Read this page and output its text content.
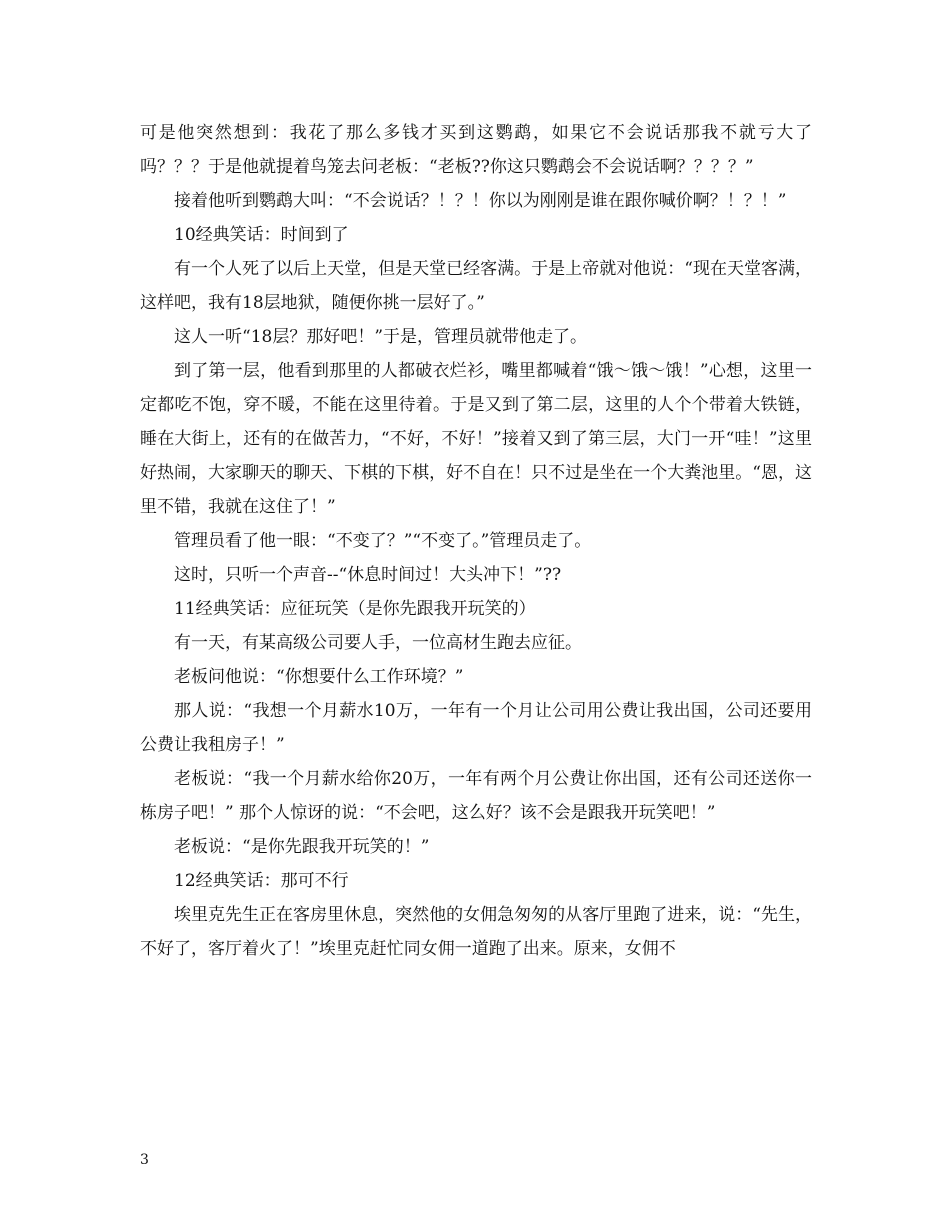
可是他突然想到：我花了那么多钱才买到这鹦鹉，如果它不会说话那我不就亏大了吗？？？于是他就提着鸟笼去问老板：“老板??你这只鹦鹉会不会说话啊？？？？”

接着他听到鹦鹉大叫：“不会说话？！？！你以为刚刚是谁在跟你喊价啊？！？！”

10经典笑话：时间到了

有一个人死了以后上天堂，但是天堂已经客满。于是上帝就对他说：“现在天堂客满，这样吧，我有18层地狱，随便你挑一层好了。”

这人一听“18层？那好吧！”于是，管理员就带他走了。

到了第一层，他看到那里的人都破衣烂衫，嘴里都喊着“饿～饿～饿！”心想，这里一定都吃不饱，穿不暖，不能在这里待着。于是又到了第二层，这里的人个个带着大铁链，睡在大街上，还有的在做苦力，“不好，不好！”接着又到了第三层，大门一开“哇！”这里好热闹，大家聊天的聊天、下棋的下棋，好不自在！只不过是坐在一个大粪池里。“恩，这里不错，我就在这住了！”

管理员看了他一眼：“不变了？”“不变了。”管理员走了。

这时，只听一个声音--“休息时间过！大头冲下！”??

11经典笑话：应征玩笑（是你先跟我开玩笑的）

有一天，有某高级公司要人手，一位高材生跑去应征。

老板问他说：“你想要什么工作环境？”

那人说：“我想一个月薪水10万，一年有一个月让公司用公费让我出国，公司还要用公费让我租房子！”

老板说：“我一个月薪水给你20万，一年有两个月公费让你出国，还有公司还送你一栋房子吧！” 那个人惊讶的说：“不会吧，这么好？该不会是跟我开玩笑吧！”

老板说：“是你先跟我开玩笑的！”

12经典笑话：那可不行

埃里克先生正在客房里休息，突然他的女佣急匆匆的从客厅里跑了进来，说：“先生，不好了，客厅着火了！”埃里克赶忙同女佣一道跑了出来。原来，女佣不

3
